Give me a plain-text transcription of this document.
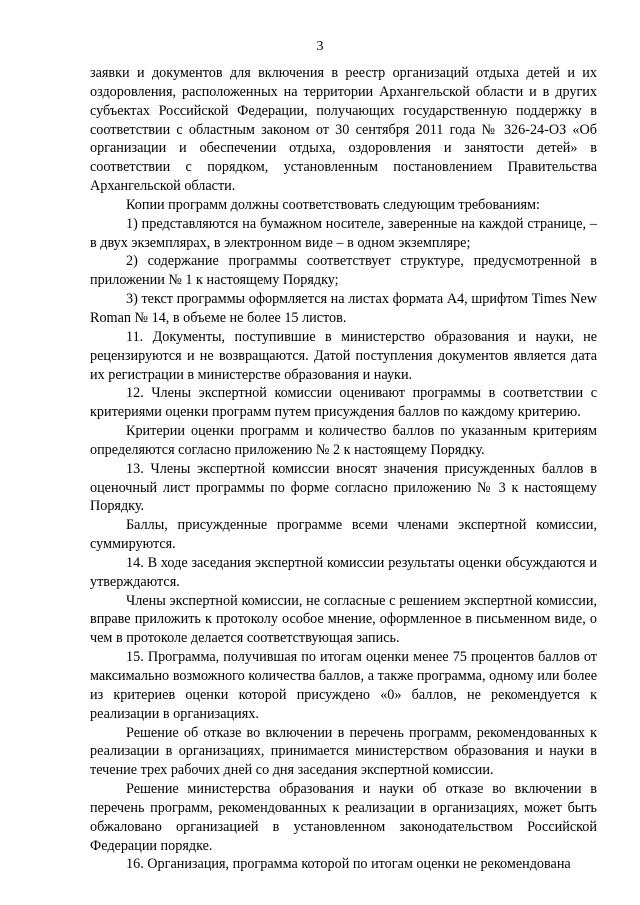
3

заявки и документов для включения в реестр организаций отдыха детей и их оздоровления, расположенных на территории Архангельской области и в других субъектах Российской Федерации, получающих государственную поддержку в соответствии с областным законом от 30 сентября 2011 года № 326-24-ОЗ «Об организации и обеспечении отдыха, оздоровления и занятости детей» в соответствии с порядком, установленным постановлением Правительства Архангельской области.

Копии программ должны соответствовать следующим требованиям:

1) представляются на бумажном носителе, заверенные на каждой странице, – в двух экземплярах, в электронном виде – в одном экземпляре;

2) содержание программы соответствует структуре, предусмотренной в приложении № 1 к настоящему Порядку;

3) текст программы оформляется на листах формата А4, шрифтом Times New Roman № 14, в объеме не более 15 листов.

11. Документы, поступившие в министерство образования и науки, не рецензируются и не возвращаются. Датой поступления документов является дата их регистрации в министерстве образования и науки.

12. Члены экспертной комиссии оценивают программы в соответствии с критериями оценки программ путем присуждения баллов по каждому критерию.

Критерии оценки программ и количество баллов по указанным критериям определяются согласно приложению № 2 к настоящему Порядку.

13. Члены экспертной комиссии вносят значения присужденных баллов в оценочный лист программы по форме согласно приложению № 3 к настоящему Порядку.

Баллы, присужденные программе всеми членами экспертной комиссии, суммируются.

14. В ходе заседания экспертной комиссии результаты оценки обсуждаются и утверждаются.

Члены экспертной комиссии, не согласные с решением экспертной комиссии, вправе приложить к протоколу особое мнение, оформленное в письменном виде, о чем в протоколе делается соответствующая запись.

15. Программа, получившая по итогам оценки менее 75 процентов баллов от максимально возможного количества баллов, а также программа, одному или более из критериев оценки которой присуждено «0» баллов, не рекомендуется к реализации в организациях.

Решение об отказе во включении в перечень программ, рекомендованных к реализации в организациях, принимается министерством образования и науки в течение трех рабочих дней со дня заседания экспертной комиссии.

Решение министерства образования и науки об отказе во включении в перечень программ, рекомендованных к реализации в организациях, может быть обжаловано организацией в установленном законодательством Российской Федерации порядке.

16. Организация, программа которой по итогам оценки не рекомендована
